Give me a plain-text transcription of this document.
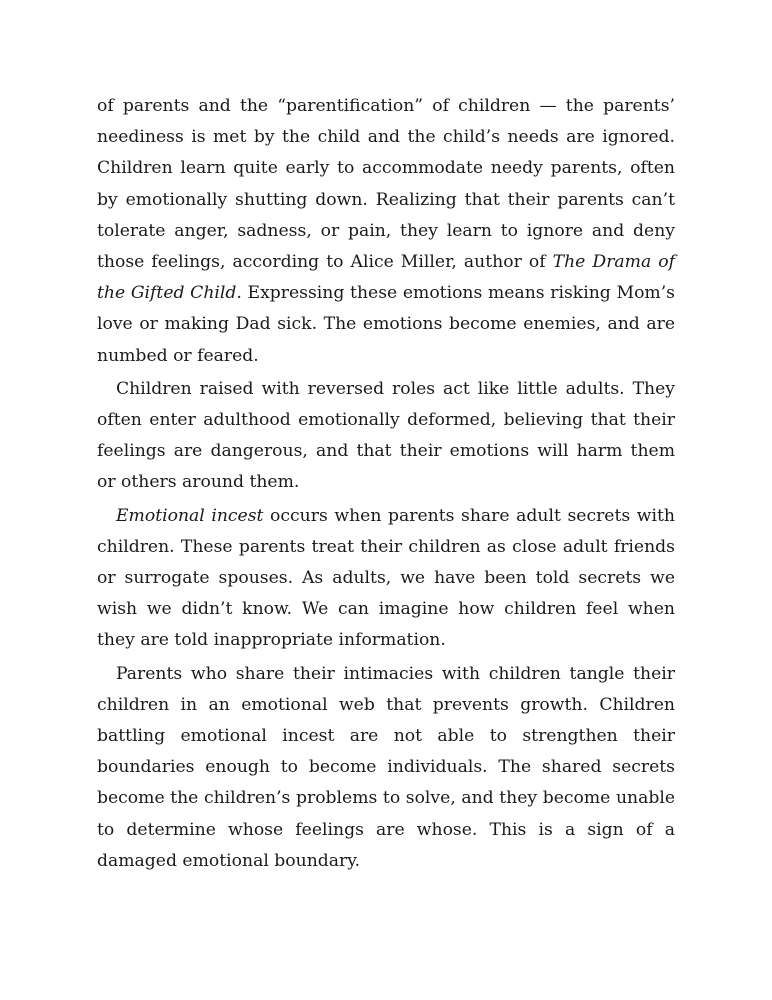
of parents and the “parentification” of children — the parents’ neediness is met by the child and the child’s needs are ignored. Children learn quite early to accommodate needy parents, often by emotionally shutting down. Realizing that their parents can’t tolerate anger, sadness, or pain, they learn to ignore and deny those feelings, according to Alice Miller, author of The Drama of the Gifted Child. Expressing these emotions means risking Mom’s love or making Dad sick. The emotions become enemies, and are numbed or feared.

Children raised with reversed roles act like little adults. They often enter adulthood emotionally deformed, believing that their feelings are dangerous, and that their emotions will harm them or others around them.

Emotional incest occurs when parents share adult secrets with children. These parents treat their children as close adult friends or surrogate spouses. As adults, we have been told secrets we wish we didn’t know. We can imagine how children feel when they are told inappropriate information.

Parents who share their intimacies with children tangle their children in an emotional web that prevents growth. Children battling emotional incest are not able to strengthen their boundaries enough to become individuals. The shared secrets become the children’s problems to solve, and they become unable to determine whose feelings are whose. This is a sign of a damaged emotional boundary.
